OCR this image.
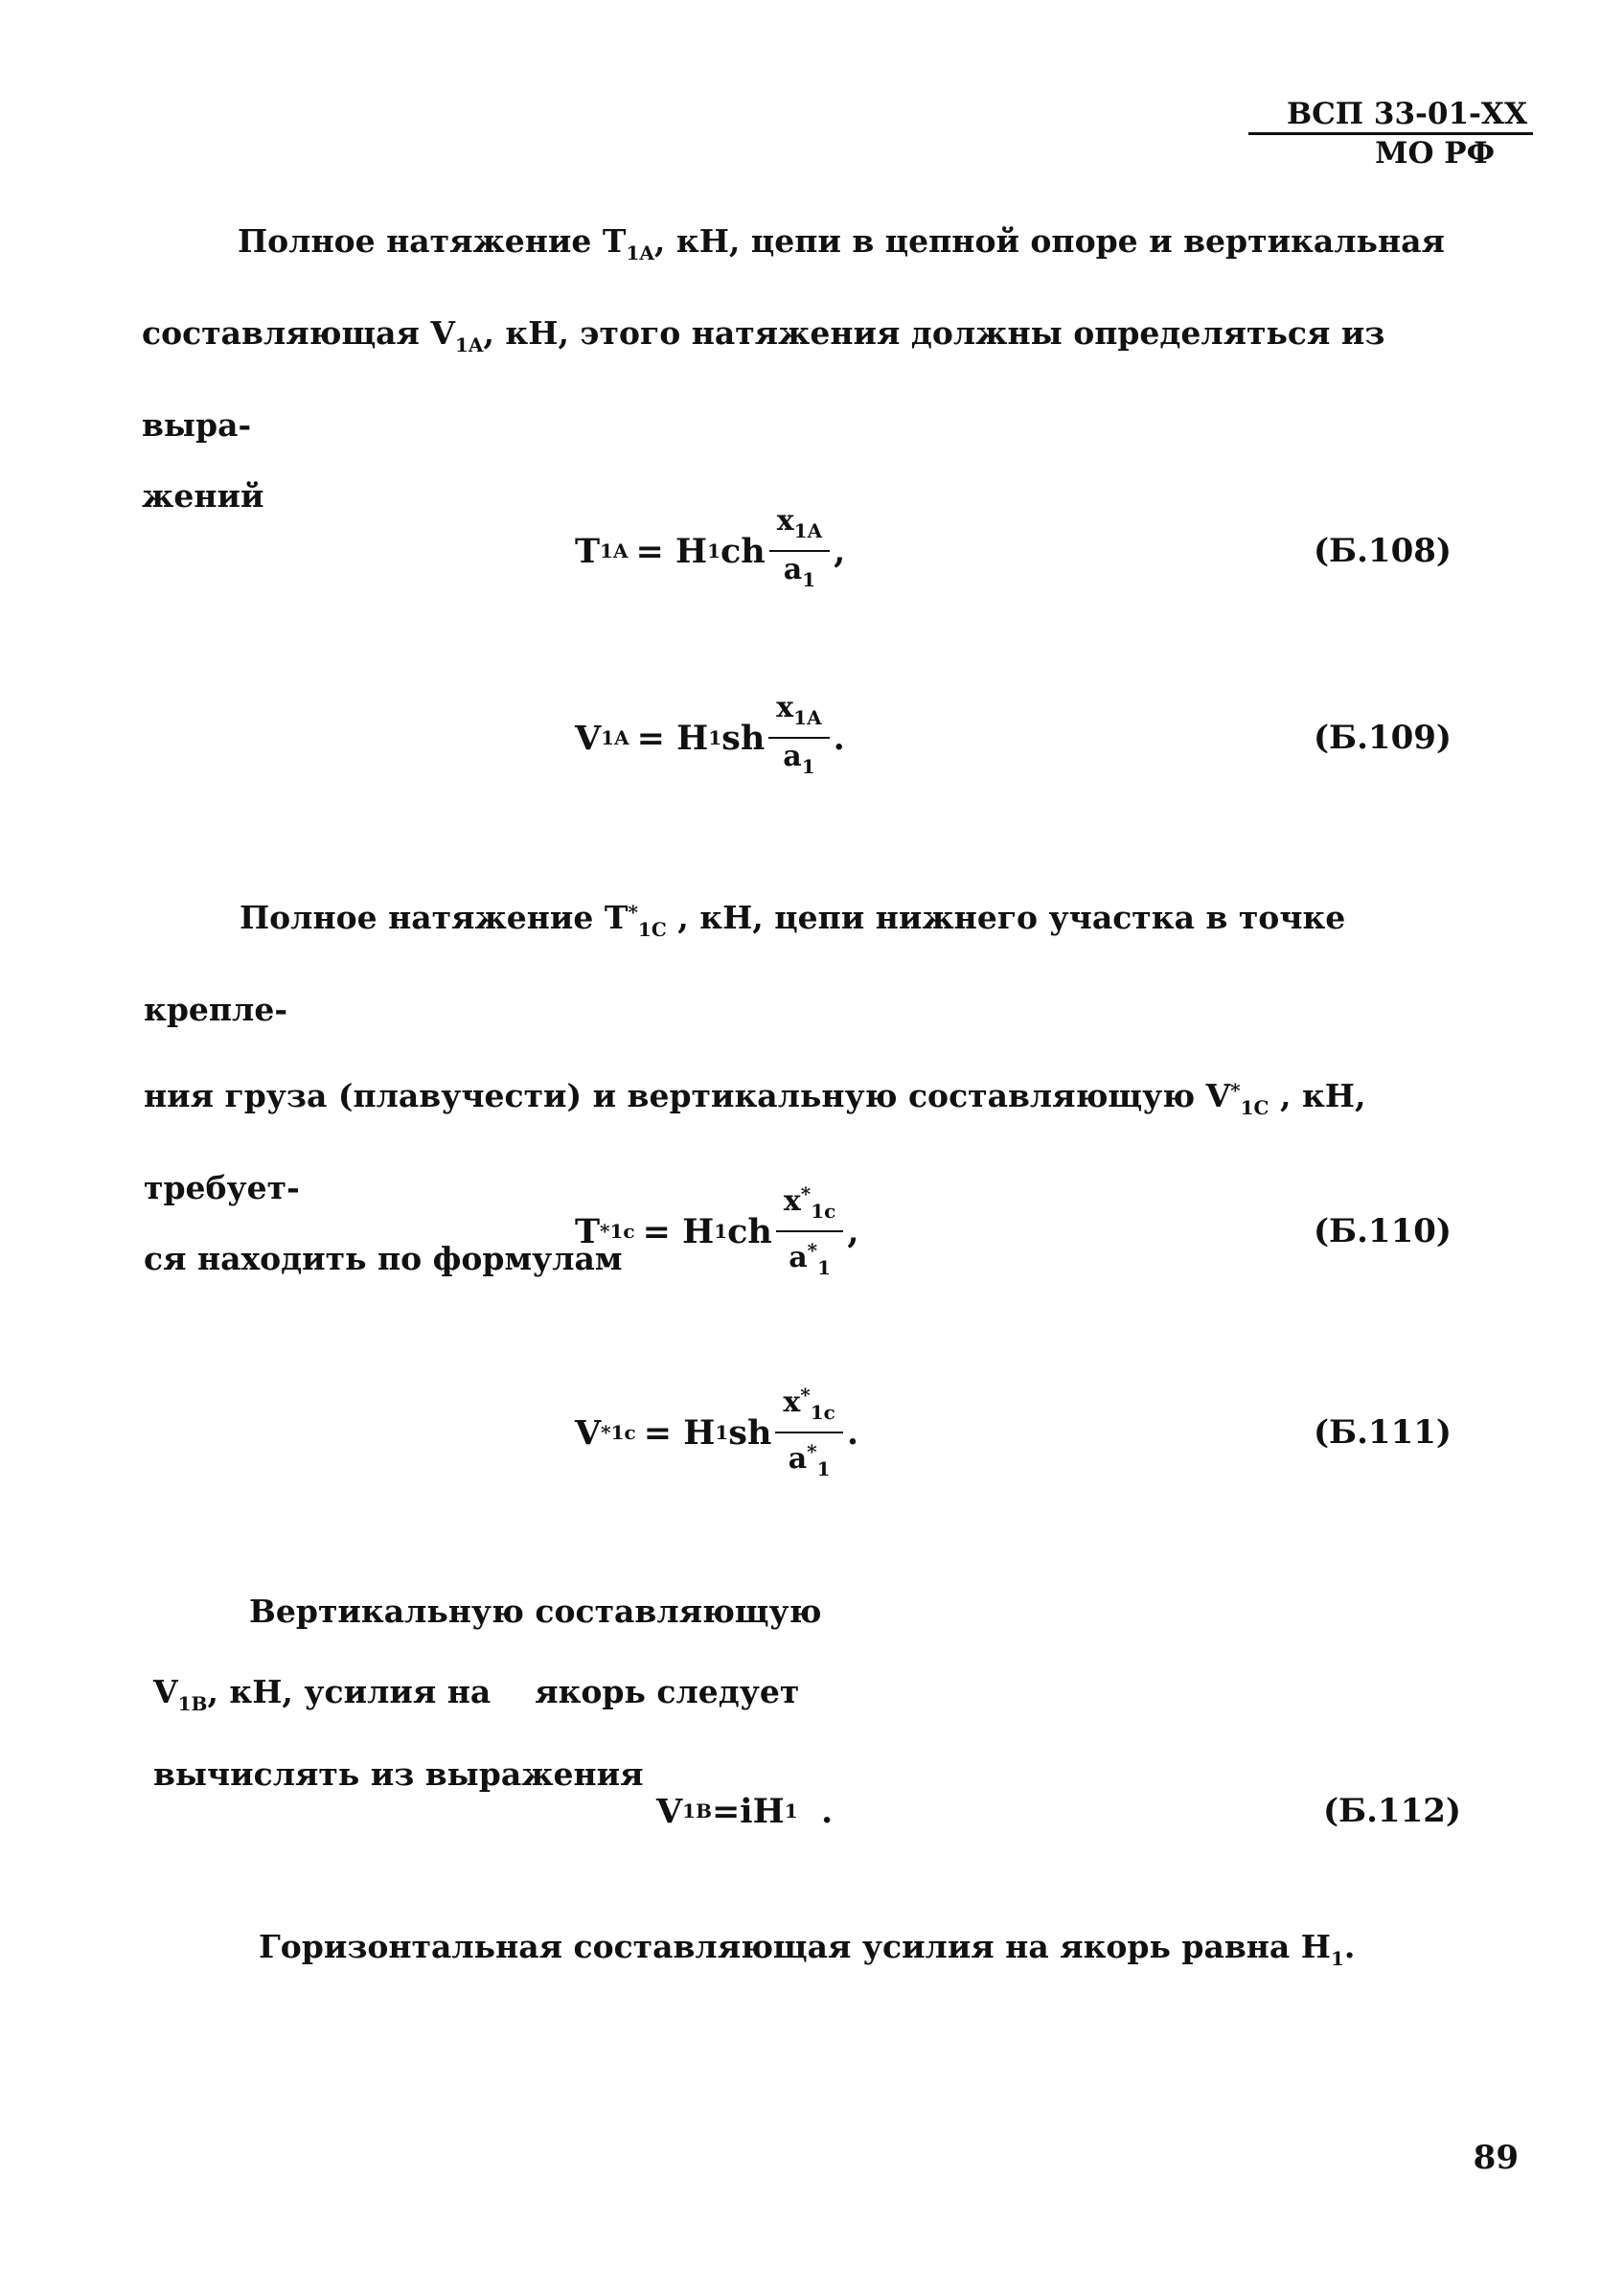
ВСП 33-01-XX
МО РФ
Полное натяжение $T_{1A}$, кН, цепи в цепной опоре и вертикальная
составляющая $V_{1A}$, кН, этого натяжения должны определяться из выра-
жений
T 1A = H 1 ch $\frac{x_{1A}}{a_1}$ ,	(Б.108)
V 1A = H 1 sh $\frac{x_{1A}}{a_1}$ .	(Б.109)
Полное натяжение $T^*_{1C}$ , кН, цепи нижнего участка в точке крепле-
ния груза (плавучести) и вертикальную составляющую $V^*_{1C}$ , кН, требует-
ся находить по формулам
T * 1c = H 1 ch $\frac{x^*_{1c}}{a^*_1}$ ,	(Б.110)
V * 1c = H 1 sh $\frac{x^*_{1c}}{a^*_1}$ .	(Б.111)
Вертикальную составляющую $V_{1B}$, кН, усилия на    якорь следует
вычислять из выражения
V 1B =iH 1 .	(Б.112)
Горизонтальная составляющая усилия на якорь равна $H_1$.
89
